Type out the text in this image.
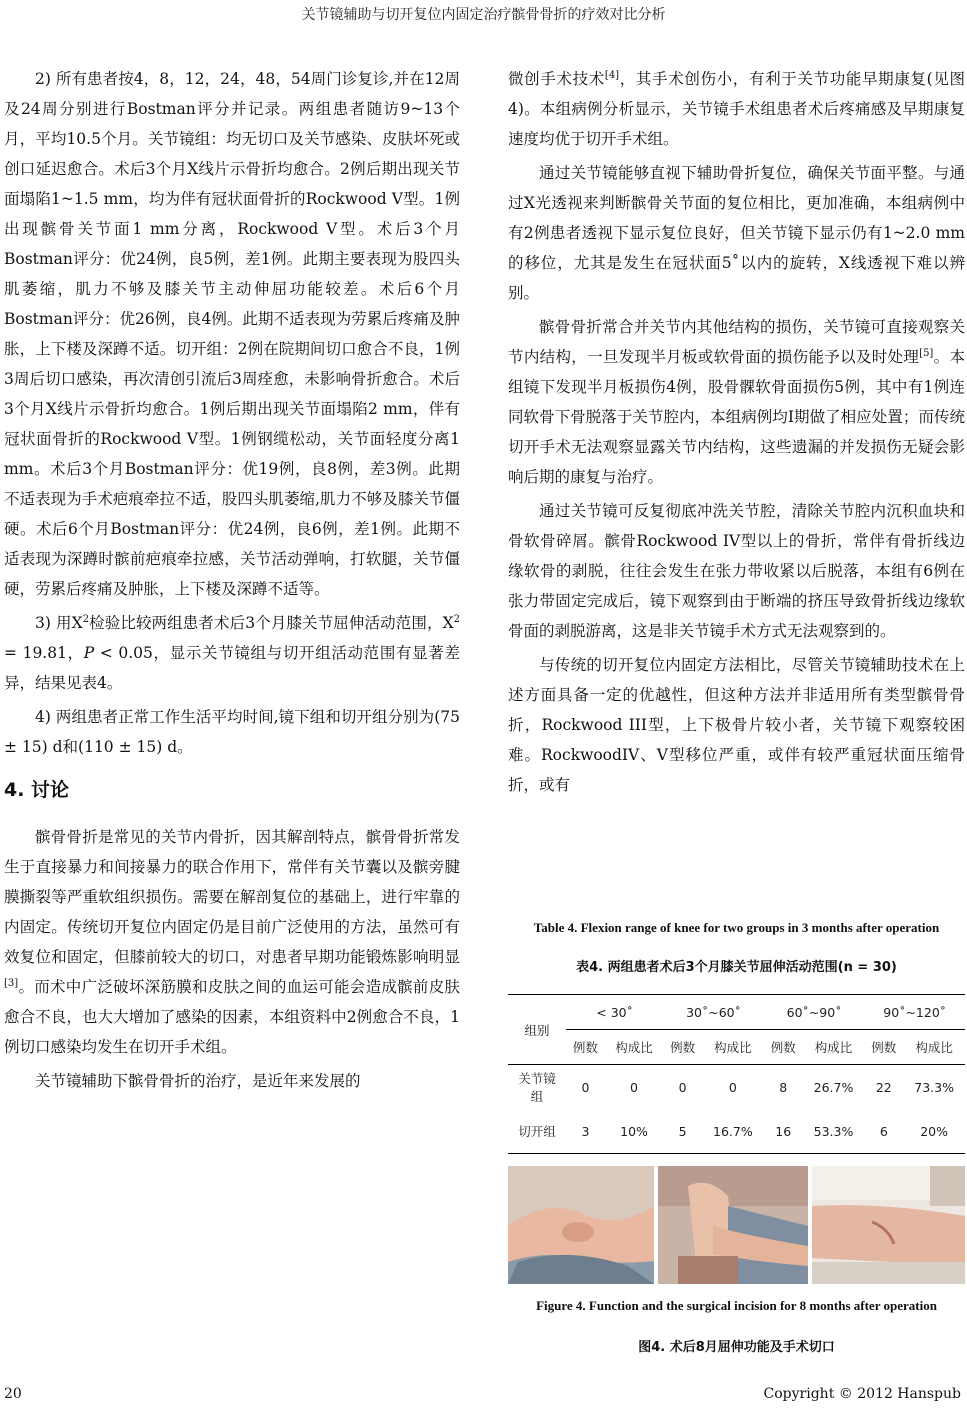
关节镜辅助与切开复位内固定治疗髌骨骨折的疗效对比分析

2) 所有患者按4，8，12，24，48，54周门诊复诊,并在12周及24周分别进行Bostman评分并记录。两组患者随访9~13个月，平均10.5个月。关节镜组：均无切口及关节感染、皮肤坏死或创口延迟愈合。术后3个月X线片示骨折均愈合。2例后期出现关节面塌陷1~1.5 mm，均为伴有冠状面骨折的Rockwood V型。1例出现髌骨关节面1 mm分离，Rockwood V型。术后3个月Bostman评分：优24例，良5例，差1例。此期主要表现为股四头肌萎缩，肌力不够及膝关节主动伸屈功能较差。术后6个月Bostman评分：优26例，良4例。此期不适表现为劳累后疼痛及肿胀，上下楼及深蹲不适。切开组：2例在院期间切口愈合不良，1例3周后切口感染，再次清创引流后3周痊愈，未影响骨折愈合。术后3个月X线片示骨折均愈合。1例后期出现关节面塌陷2 mm，伴有冠状面骨折的Rockwood V型。1例钢缆松动，关节面轻度分离1 mm。术后3个月Bostman评分：优19例，良8例，差3例。此期不适表现为手术疤痕牵拉不适，股四头肌萎缩,肌力不够及膝关节僵硬。术后6个月Bostman评分：优24例，良6例，差1例。此期不适表现为深蹲时髌前疤痕牵拉感，关节活动弹响，打软腿，关节僵硬，劳累后疼痛及肿胀，上下楼及深蹲不适等。

3) 用$X^2$检验比较两组患者术后3个月膝关节屈伸活动范围，$X^2 = 19.81$，P < 0.05，显示关节镜组与切开组活动范围有显著差异，结果见表4。

4) 两组患者正常工作生活平均时间,镜下组和切开组分别为(75 ± 15) d和(110 ± 15) d。

4. 讨论

髌骨骨折是常见的关节内骨折，因其解剖特点，髌骨骨折常发生于直接暴力和间接暴力的联合作用下，常伴有关节囊以及髌旁腱膜撕裂等严重软组织损伤。需要在解剖复位的基础上，进行牢靠的内固定。传统切开复位内固定仍是目前广泛使用的方法，虽然可有效复位和固定，但膝前较大的切口，对患者早期功能锻炼影响明显[3]。而术中广泛破坏深筋膜和皮肤之间的血运可能会造成髌前皮肤愈合不良，也大大增加了感染的因素，本组资料中2例愈合不良，1例切口感染均发生在切开手术组。

关节镜辅助下髌骨骨折的治疗，是近年来发展的

微创手术技术[4]，其手术创伤小，有利于关节功能早期康复(见图4)。本组病例分析显示，关节镜手术组患者术后疼痛感及早期康复速度均优于切开手术组。

通过关节镜能够直视下辅助骨折复位，确保关节面平整。与通过X光透视来判断髌骨关节面的复位相比，更加准确，本组病例中有2例患者透视下显示复位良好，但关节镜下显示仍有1~2.0 mm的移位，尤其是发生在冠状面5˚以内的旋转，X线透视下难以辨别。

髌骨骨折常合并关节内其他结构的损伤，关节镜可直接观察关节内结构，一旦发现半月板或软骨面的损伤能予以及时处理[5]。本组镜下发现半月板损伤4例，股骨髁软骨面损伤5例，其中有1例连同软骨下骨脱落于关节腔内，本组病例均I期做了相应处置；而传统切开手术无法观察显露关节内结构，这些遗漏的并发损伤无疑会影响后期的康复与治疗。

通过关节镜可反复彻底冲洗关节腔，清除关节腔内沉积血块和骨软骨碎屑。髌骨Rockwood IV型以上的骨折，常伴有骨折线边缘软骨的剥脱，往往会发生在张力带收紧以后脱落，本组有6例在张力带固定完成后，镜下观察到由于断端的挤压导致骨折线边缘软骨面的剥脱游离，这是非关节镜手术方式无法观察到的。

与传统的切开复位内固定方法相比，尽管关节镜辅助技术在上述方面具备一定的优越性，但这种方法并非适用所有类型髌骨骨折，Rockwood III型，上下极骨片较小者，关节镜下观察较困难。RockwoodIV、V型移位严重，或伴有较严重冠状面压缩骨折，或有

Table 4. Flexion range of knee for two groups in 3 months after operation
表4. 两组患者术后3个月膝关节屈伸活动范围(n = 30)
组别	< 30˚		30˚~60˚		60˚~90˚		90˚~120˚	
	例数	构成比	例数	构成比	例数	构成比	例数	构成比
关节镜组	0	0	0	0	8	26.7%	22	73.3%
切开组	3	10%	5	16.7%	16	53.3%	6	20%
Figure 4. Function and the surgical incision for 8 months after operation
图4. 术后8月屈伸功能及手术切口
20	Copyright © 2012 Hanspub
